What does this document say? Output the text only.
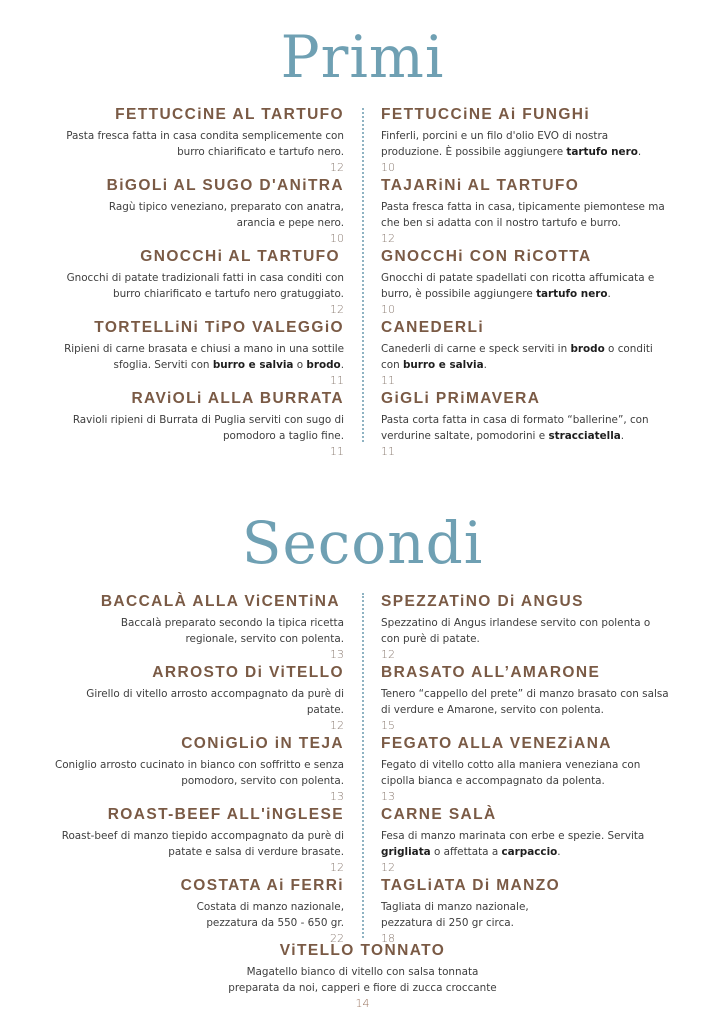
Primi
FETTUCCiNE AL TARTUFO
Pasta fresca fatta in casa condita semplicemente con burro chiarificato e tartufo nero.
12
BiGOLi AL SUGO D'ANiTRA
Ragù tipico veneziano, preparato con anatra, arancia e pepe nero.
10
GNOCCHi AL TARTUFO
Gnocchi di patate tradizionali fatti in casa conditi con burro chiarificato e tartufo nero gratuggiato.
12
TORTELLiNi TiPO VALEGGiO
Ripieni di carne brasata e chiusi a mano in una sottile sfoglia. Serviti con burro e salvia o brodo.
11
RAViOLi ALLA BURRATA
Ravioli ripieni di Burrata di Puglia serviti con sugo di pomodoro a taglio fine.
11
FETTUCCiNE Ai FUNGHi
Finferli, porcini e un filo d'olio EVO di nostra produzione. È possibile aggiungere tartufo nero.
10
TAJARiNi AL TARTUFO
Pasta fresca fatta in casa, tipicamente piemontese ma che ben si adatta con il nostro tartufo e burro.
12
GNOCCHi CON RiCOTTA
Gnocchi di patate spadellati con ricotta affumicata e burro, è possibile aggiungere tartufo nero.
10
CANEDERLi
Canederli di carne e speck serviti in brodo o conditi con burro e salvia.
11
GiGLi PRiMAVERA
Pasta corta fatta in casa di formato “ballerine”, con verdurine saltate, pomodorini e stracciatella.
11
Secondi
BACCALÀ ALLA ViCENTiNA
Baccalà preparato secondo la tipica ricetta regionale, servito con polenta.
13
ARROSTO Di ViTELLO
Girello di vitello arrosto accompagnato da purè di patate.
12
CONiGLiO iN TEJA
Coniglio arrosto cucinato in bianco con soffritto e senza pomodoro, servito con polenta.
13
ROAST-BEEF ALL'iNGLESE
Roast-beef di manzo tiepido accompagnato da purè di patate e salsa di verdure brasate.
12
COSTATA Ai FERRi
Costata di manzo nazionale, pezzatura da 550 - 650 gr.
22
SPEZZATiNO Di ANGUS
Spezzatino di Angus irlandese servito con polenta o con purè di patate.
12
BRASATO ALL’AMARONE
Tenero “cappello del prete” di manzo brasato con salsa di verdure e Amarone, servito con polenta.
15
FEGATO ALLA VENEZiANA
Fegato di vitello cotto alla maniera veneziana con cipolla bianca e accompagnato da polenta.
13
CARNE SALÀ
Fesa di manzo marinata con erbe e spezie. Servita grigliata o affettata a carpaccio.
12
TAGLiATA Di MANZO
Tagliata di manzo nazionale, pezzatura di 250 gr circa.
18
ViTELLO TONNATO
Magatello bianco di vitello con salsa tonnata
preparata da noi, capperi e fiore di zucca croccante
14
